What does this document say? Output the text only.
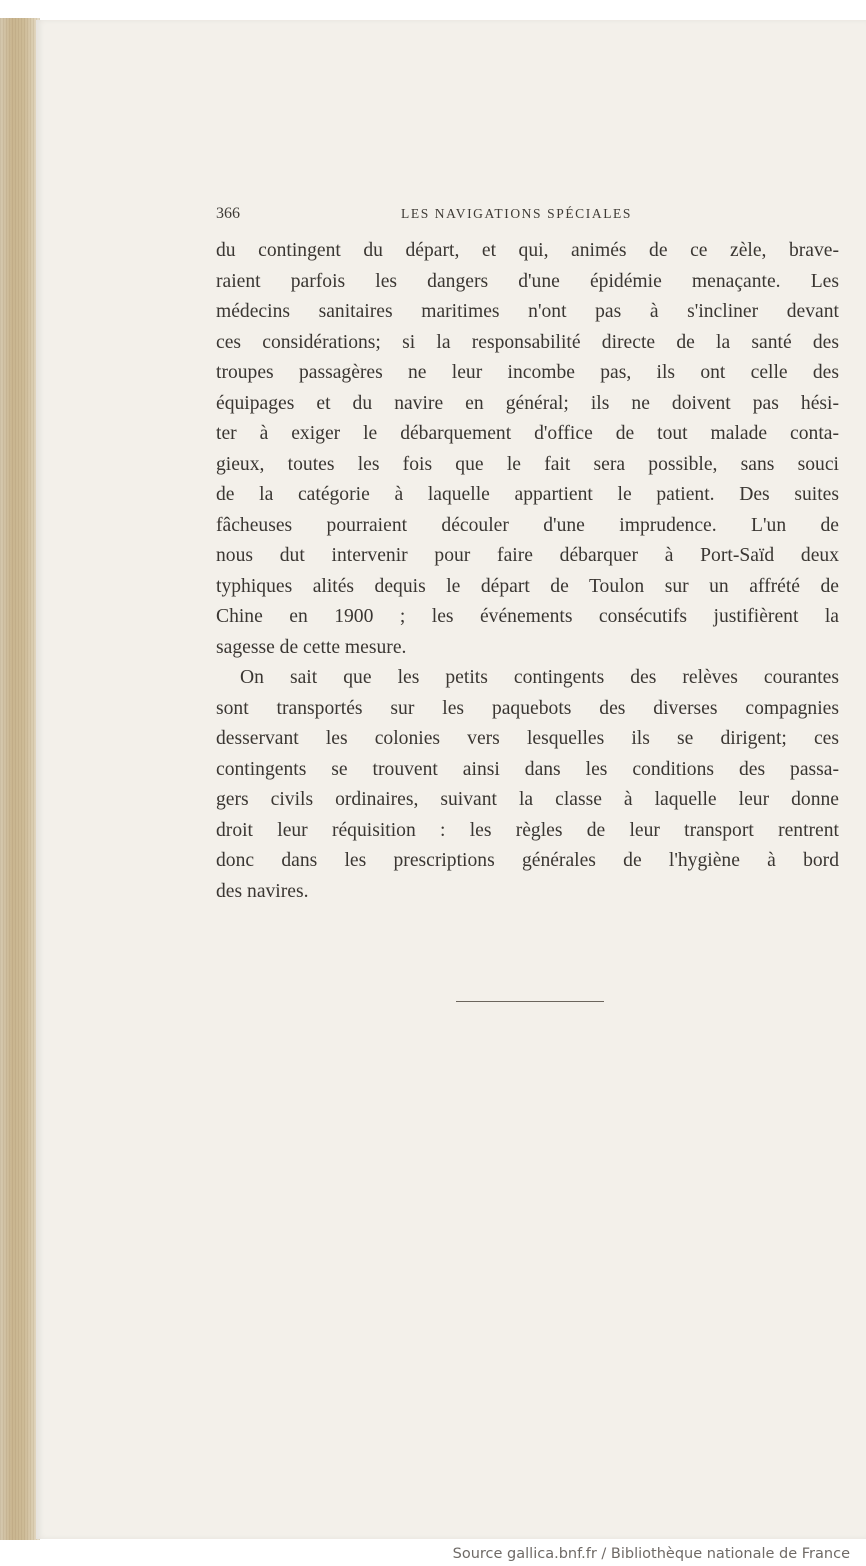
366	LES NAVIGATIONS SPÉCIALES
du contingent du départ, et qui, animés de ce zèle, brave-
raient parfois les dangers d'une épidémie menaçante. Les
médecins sanitaires maritimes n'ont pas à s'incliner devant
ces considérations; si la responsabilité directe de la santé des
troupes passagères ne leur incombe pas, ils ont celle des
équipages et du navire en général; ils ne doivent pas hési-
ter à exiger le débarquement d'office de tout malade conta-
gieux, toutes les fois que le fait sera possible, sans souci
de la catégorie à laquelle appartient le patient. Des suites
fâcheuses pourraient découler d'une imprudence. L'un de
nous dut intervenir pour faire débarquer à Port-Saïd deux
typhiques alités dequis le départ de Toulon sur un affrété de
Chine en 1900 ; les événements consécutifs justifièrent la
sagesse de cette mesure.
On sait que les petits contingents des relèves courantes
sont transportés sur les paquebots des diverses compagnies
desservant les colonies vers lesquelles ils se dirigent; ces
contingents se trouvent ainsi dans les conditions des passa-
gers civils ordinaires, suivant la classe à laquelle leur donne
droit leur réquisition : les règles de leur transport rentrent
donc dans les prescriptions générales de l'hygiène à bord
des navires.
Source gallica.bnf.fr / Bibliothèque nationale de France
